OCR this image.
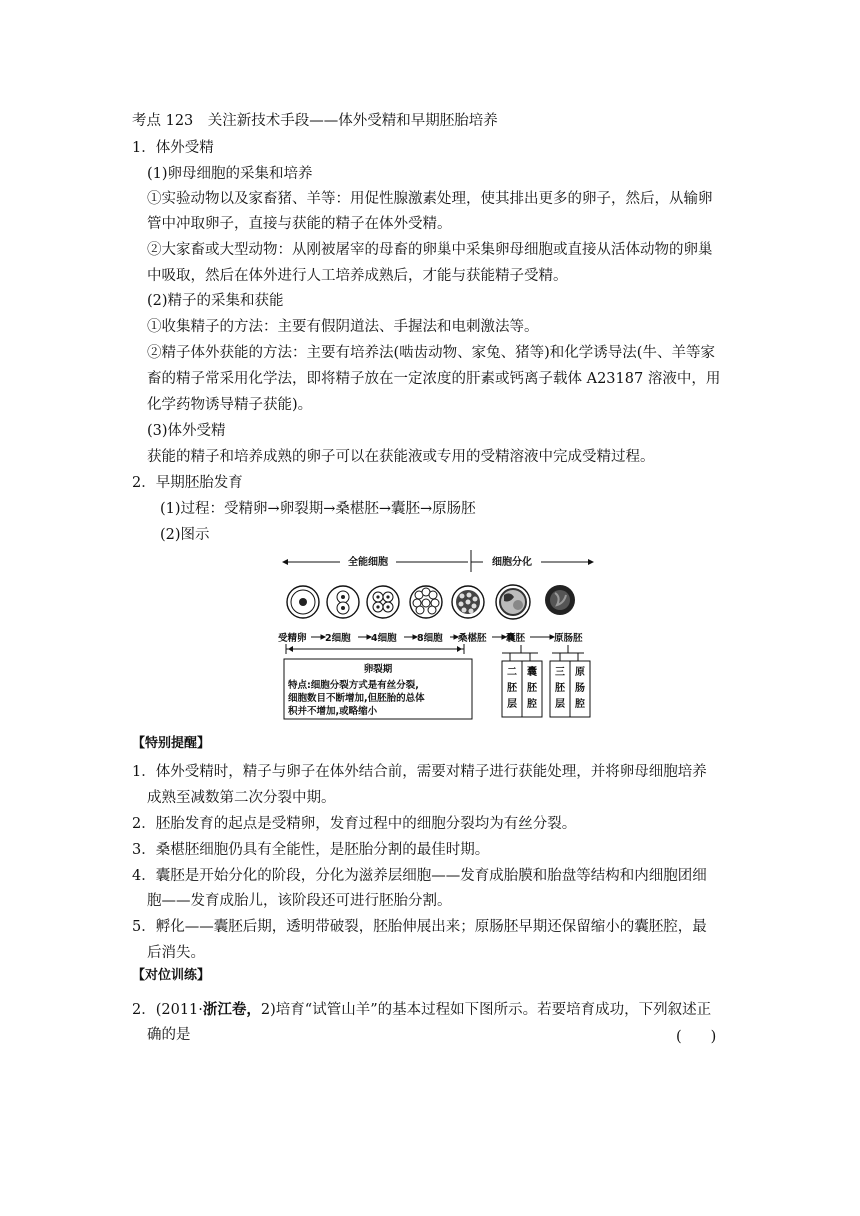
考点 123　关注新技术手段——体外受精和早期胚胎培养
1．体外受精
(1)卵母细胞的采集和培养
①实验动物以及家畜猪、羊等：用促性腺激素处理，使其排出更多的卵子，然后，从输卵
管中冲取卵子，直接与获能的精子在体外受精。
②大家畜或大型动物：从刚被屠宰的母畜的卵巢中采集卵母细胞或直接从活体动物的卵巢
中吸取，然后在体外进行人工培养成熟后，才能与获能精子受精。
(2)精子的采集和获能
①收集精子的方法：主要有假阴道法、手握法和电刺激法等。
②精子体外获能的方法：主要有培养法(啮齿动物、家兔、猪等)和化学诱导法(牛、羊等家
畜的精子常采用化学法，即将精子放在一定浓度的肝素或钙离子载体 A23187 溶液中，用
化学药物诱导精子获能)。
(3)体外受精
获能的精子和培养成熟的卵子可以在获能液或专用的受精溶液中完成受精过程。
2．早期胚胎发育
(1)过程：受精卵→卵裂期→桑椹胚→囊胚→原肠胚
(2)图示
全能细胞	细胞分化
受精卵 2细胞 4细胞 8细胞 桑椹胚 囊胚	原肠胚
卵裂期
特点:细胞分裂方式是有丝分裂,
细胞数目不断增加,但胚胎的总体
积并不增加,或略缩小
二胚层
囊胚腔
三胚层
原肠腔
【特别提醒】
1．体外受精时，精子与卵子在体外结合前，需要对精子进行获能处理，并将卵母细胞培养
成熟至减数第二次分裂中期。
2．胚胎发育的起点是受精卵，发育过程中的细胞分裂均为有丝分裂。
3．桑椹胚细胞仍具有全能性，是胚胎分割的最佳时期。
4．囊胚是开始分化的阶段，分化为滋养层细胞——发育成胎膜和胎盘等结构和内细胞团细
胞——发育成胎儿，该阶段还可进行胚胎分割。
5．孵化——囊胚后期，透明带破裂，胚胎伸展出来；原肠胚早期还保留缩小的囊胚腔，最
后消失。
【对位训练】
2．(2011·浙江卷，2)培育“试管山羊”的基本过程如下图所示。若要培育成功，下列叙述正
确的是	(　　)
